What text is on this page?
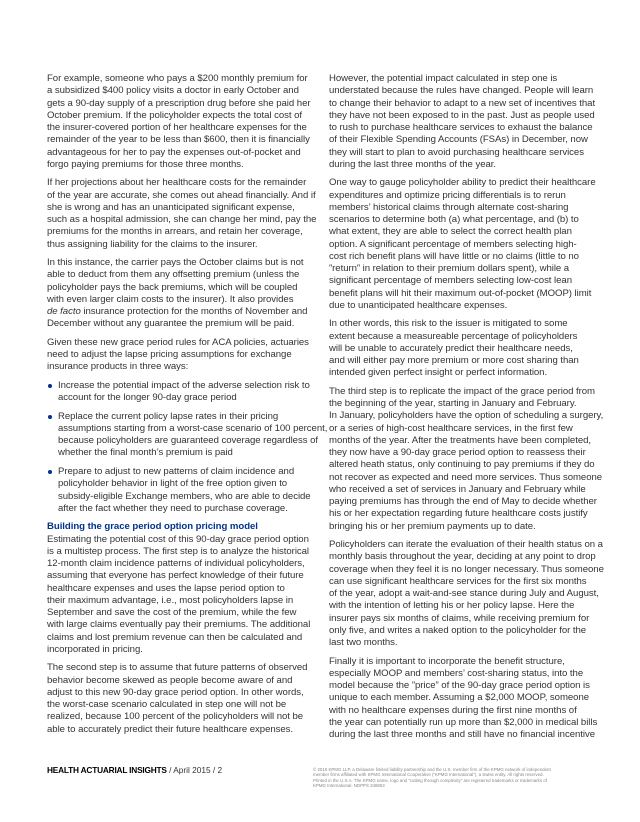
For example, someone who pays a $200 monthly premium for
a subsidized $400 policy visits a doctor in early October and
gets a 90-day supply of a prescription drug before she paid her
October premium. If the policyholder expects the total cost of
the insurer-covered portion of her healthcare expenses for the
remainder of the year to be less than $600, then it is financially
advantageous for her to pay the expenses out-of-pocket and
forgo paying premiums for those three months.

If her projections about her healthcare costs for the remainder
of the year are accurate, she comes out ahead financially. And if
she is wrong and has an unanticipated significant expense,
such as a hospital admission, she can change her mind, pay the
premiums for the months in arrears, and retain her coverage,
thus assigning liability for the claims to the insurer.

In this instance, the carrier pays the October claims but is not
able to deduct from them any offsetting premium (unless the
policyholder pays the back premiums, which will be coupled
with even larger claim costs to the insurer). It also provides
de facto insurance protection for the months of November and
December without any guarantee the premium will be paid.

Given these new grace period rules for ACA policies, actuaries
need to adjust the lapse pricing assumptions for exchange
insurance products in three ways:

Increase the potential impact of the adverse selection risk to
account for the longer 90-day grace period
Replace the current policy lapse rates in their pricing
assumptions starting from a worst-case scenario of 100 percent,
because policyholders are guaranteed coverage regardless of
whether the final month’s premium is paid
Prepare to adjust to new patterns of claim incidence and
policyholder behavior in light of the free option given to
subsidy-eligible Exchange members, who are able to decide
after the fact whether they need to purchase coverage.

Building the grace period option pricing model
Estimating the potential cost of this 90-day grace period option
is a multistep process. The first step is to analyze the historical
12-month claim incidence patterns of individual policyholders,
assuming that everyone has perfect knowledge of their future
healthcare expenses and uses the lapse period option to
their maximum advantage, i.e., most policyholders lapse in
September and save the cost of the premium, while the few
with large claims eventually pay their premiums. The additional
claims and lost premium revenue can then be calculated and
incorporated in pricing.

The second step is to assume that future patterns of observed
behavior become skewed as people become aware of and
adjust to this new 90-day grace period option. In other words,
the worst-case scenario calculated in step one will not be
realized, because 100 percent of the policyholders will not be
able to accurately predict their future healthcare expenses.

However, the potential impact calculated in step one is
understated because the rules have changed. People will learn
to change their behavior to adapt to a new set of incentives that
they have not been exposed to in the past. Just as people used
to rush to purchase healthcare services to exhaust the balance
of their Flexible Spending Accounts (FSAs) in December, now
they will start to plan to avoid purchasing healthcare services
during the last three months of the year.

One way to gauge policyholder ability to predict their healthcare
expenditures and optimize pricing differentials is to rerun
members’ historical claims through alternate cost-sharing
scenarios to determine both (a) what percentage, and (b) to
what extent, they are able to select the correct health plan
option. A significant percentage of members selecting high-
cost rich benefit plans will have little or no claims (little to no
”return” in relation to their premium dollars spent), while a
significant percentage of members selecting low-cost lean
benefit plans will hit their maximum out-of-pocket (MOOP) limit
due to unanticipated healthcare expenses.

In other words, this risk to the issuer is mitigated to some
extent because a measureable percentage of policyholders
will be unable to accurately predict their healthcare needs,
and will either pay more premium or more cost sharing than
intended given perfect insight or perfect information.

The third step is to replicate the impact of the grace period from
the beginning of the year, starting in January and February.
In January, policyholders have the option of scheduling a surgery,
or a series of high-cost healthcare services, in the first few
months of the year. After the treatments have been completed,
they now have a 90-day grace period option to reassess their
altered heath status, only continuing to pay premiums if they do
not recover as expected and need more services. Thus someone
who received a set of services in January and February while
paying premiums has through the end of May to decide whether
his or her expectation regarding future healthcare costs justify
bringing his or her premium payments up to date.

Policyholders can iterate the evaluation of their health status on a
monthly basis throughout the year, deciding at any point to drop
coverage when they feel it is no longer necessary. Thus someone
can use significant healthcare services for the first six months
of the year, adopt a wait-and-see stance during July and August,
with the intention of letting his or her policy lapse. Here the
insurer pays six months of claims, while receiving premium for
only five, and writes a naked option to the policyholder for the
last two months.

Finally it is important to incorporate the benefit structure,
especially MOOP and members’ cost-sharing status, into the
model because the ”price” of the 90-day grace period option is
unique to each member. Assuming a $2,000 MOOP, someone
with no healthcare expenses during the first nine months of
the year can potentially run up more than $2,000 in medical bills
during the last three months and still have no financial incentive

HEALTH ACTUARIAL INSIGHTS / April 2015 / 2	© 2015 KPMG LLP, a Delaware limited liability partnership and the U.S. member firm of the KPMG network of independent
member firms affiliated with KPMG International Cooperative (“KPMG International”), a Swiss entity. All rights reserved.
Printed in the U.S.A. The KPMG name, logo and “cutting through complexity” are registered trademarks or trademarks of
KPMG International. NDPPS 348853
